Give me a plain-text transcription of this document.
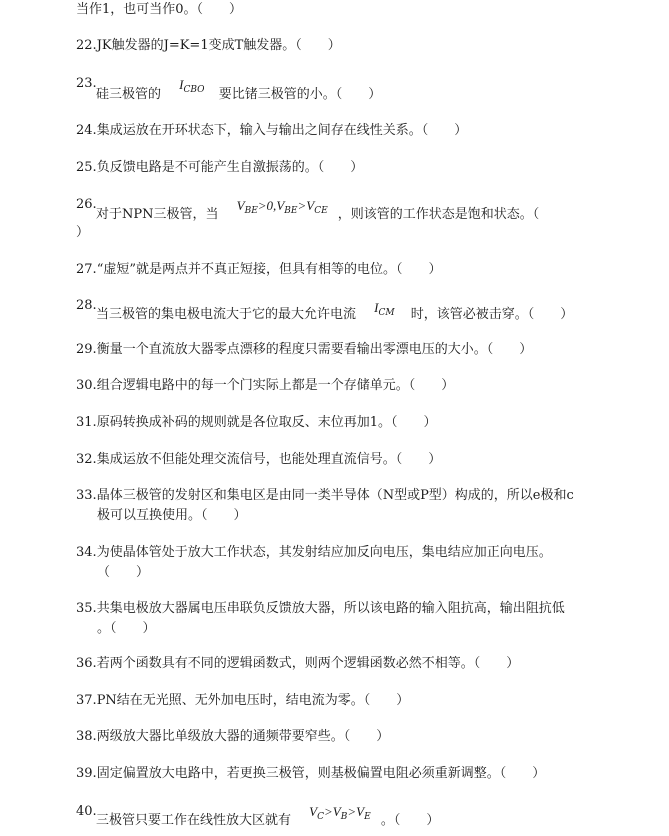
当作1，也可当作0。（　　）
22.JK触发器的J=K=1变成T触发器。（　　）
23.
硅三极管的 $I_{CBO}$ 要比锗三极管的小。（　　）
24.集成运放在开环状态下，输入与输出之间存在线性关系。（　　）
25.负反馈电路是不可能产生自激振荡的。（　　）
26.
对于NPN三极管，当 $V_{BE}>0,V_{BE}>V_{CE}$ ，则该管的工作状态是饱和状态。（
）
27.“虚短”就是两点并不真正短接，但具有相等的电位。（　　）
28.
当三极管的集电极电流大于它的最大允许电流 $I_{CM}$ 时，该管必被击穿。（　　）
29.衡量一个直流放大器零点漂移的程度只需要看输出零漂电压的大小。（　　）
30.组合逻辑电路中的每一个门实际上都是一个存储单元。（　　）
31.原码转换成补码的规则就是各位取反、末位再加1。（　　）
32.集成运放不但能处理交流信号，也能处理直流信号。（　　）
33.晶体三极管的发射区和集电区是由同一类半导体（N型或P型）构成的，所以e极和c
极可以互换使用。（　　）
34.为使晶体管处于放大工作状态，其发射结应加反向电压，集电结应加正向电压。
（　　）
35.共集电极放大器属电压串联负反馈放大器，所以该电路的输入阻抗高，输出阻抗低
。（　　）
36.若两个函数具有不同的逻辑函数式，则两个逻辑函数必然不相等。（　　）
37.PN结在无光照、无外加电压时，结电流为零。（　　）
38.两级放大器比单级放大器的通频带要窄些。（　　）
39.固定偏置放大电路中，若更换三极管，则基极偏置电阻必须重新调整。（　　）
40.
三极管只要工作在线性放大区就有 $V_C>V_B>V_E$ 。（　　）
